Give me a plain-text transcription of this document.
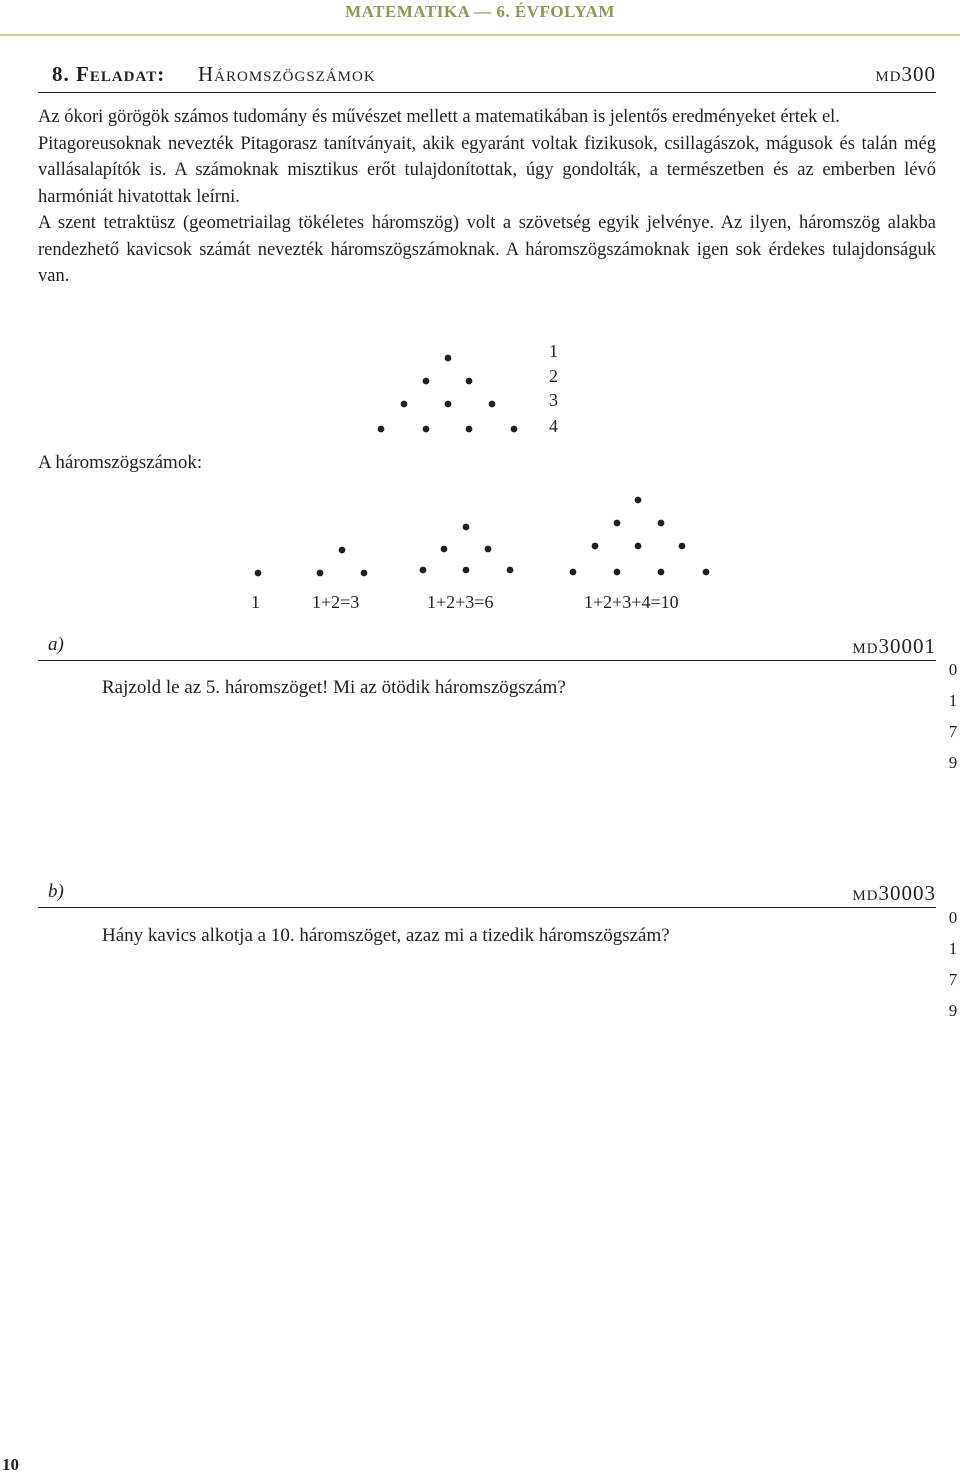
MATEMATIKA — 6. ÉVFOLYAM
8. Feladat: Háromszögszámok	md300

Az ókori görögök számos tudomány és művészet mellett a matematikában is jelentős eredményeket értek el.

Pitagoreusoknak nevezték Pitagorasz tanítványait, akik egyaránt voltak fizikusok, csillagászok, mágusok és talán még vallásalapítók is. A számoknak misztikus erőt tulajdonítottak, úgy gondolták, a természetben és az emberben lévő harmóniát hivatottak leírni.

A szent tetraktüsz (geometriailag tökéletes háromszög) volt a szövetség egyik jelvénye. Az ilyen, háromszög alakba rendezhető kavicsok számát nevezték háromszögszámoknak. A háromszögszámoknak igen sok érdekes tulajdonságuk van.

A háromszögszámok:
1
2
3
4
1	1+2=3	1+2+3=6	1+2+3+4=10
a)	md30001
Rajzold le az 5. háromszöget! Mi az ötödik háromszögszám?
0
1
7
9
b)	md30003
Hány kavics alkotja a 10. háromszöget, azaz mi a tizedik háromszögszám?
0
1
7
9
10
